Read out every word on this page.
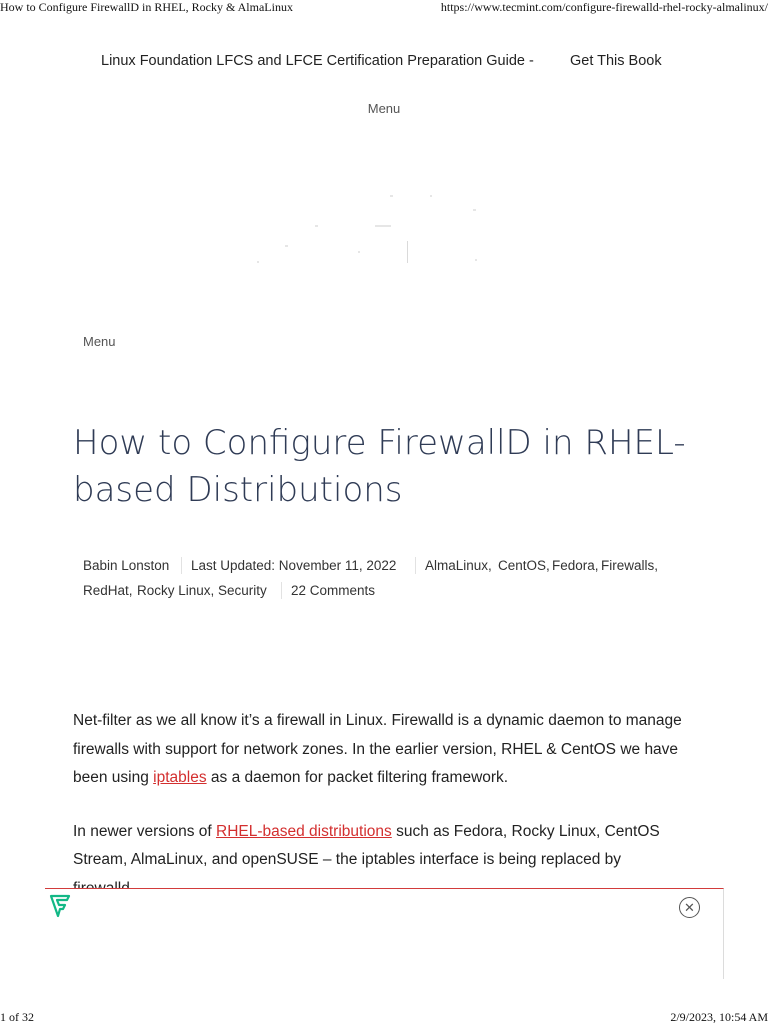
How to Configure FirewallD in RHEL, Rocky & AlmaLinux	https://www.tecmint.com/configure-firewalld-rhel-rocky-almalinux/
Linux Foundation LFCS and LFCE Certification Preparation Guide - Get This Book
Menu
Menu
How to Configure FirewallD in RHEL-based Distributions
Babin Lonston Last Updated: November 11, 2022 AlmaLinux, CentOS, Fedora, Firewalls,
RedHat, Rocky Linux, Security 22 Comments

Net-filter as we all know it’s a firewall in Linux. Firewalld is a dynamic daemon to manage firewalls with support for network zones. In the earlier version, RHEL & CentOS we have been using iptables as a daemon for packet filtering framework.

In newer versions of RHEL-based distributions such as Fedora, Rocky Linux, CentOS Stream, AlmaLinux, and openSUSE – the iptables interface is being replaced by

✕
1 of 32	2/9/2023, 10:54 AM
